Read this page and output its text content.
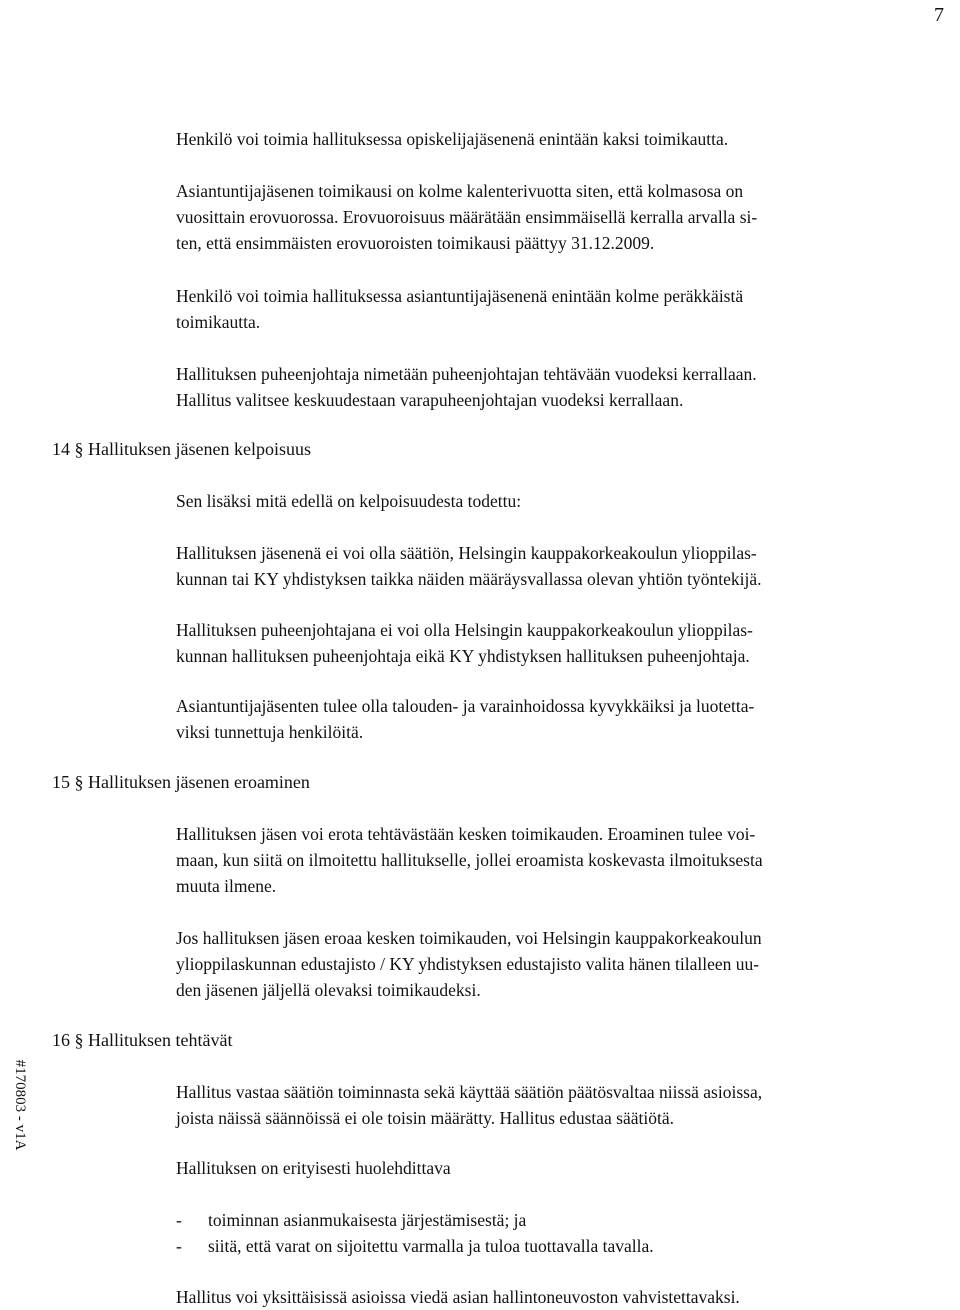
7
#170803 - v1A

Henkilö voi toimia hallituksessa opiskelijajäsenenä enintään kaksi toimikautta.

Asiantuntijajäsenen toimikausi on kolme kalenterivuotta siten, että kolmasosa on
vuosittain erovuorossa. Erovuoroisuus määrätään ensimmäisellä kerralla arvalla si-
ten, että ensimmäisten erovuoroisten toimikausi päättyy 31.12.2009.

Henkilö voi toimia hallituksessa asiantuntijajäsenenä enintään kolme peräkkäistä
toimikautta.

Hallituksen puheenjohtaja nimetään puheenjohtajan tehtävään vuodeksi kerrallaan.
Hallitus valitsee keskuudestaan varapuheenjohtajan vuodeksi kerrallaan.

14 § Hallituksen jäsenen kelpoisuus

Sen lisäksi mitä edellä on kelpoisuudesta todettu:

Hallituksen jäsenenä ei voi olla säätiön, Helsingin kauppakorkeakoulun ylioppilas-
kunnan tai KY yhdistyksen taikka näiden määräysvallassa olevan yhtiön työntekijä.

Hallituksen puheenjohtajana ei voi olla Helsingin kauppakorkeakoulun ylioppilas-
kunnan hallituksen puheenjohtaja eikä KY yhdistyksen hallituksen puheenjohtaja.

Asiantuntijajäsenten tulee olla talouden- ja varainhoidossa kyvykkäiksi ja luotetta-
viksi tunnettuja henkilöitä.

15 § Hallituksen jäsenen eroaminen

Hallituksen jäsen voi erota tehtävästään kesken toimikauden. Eroaminen tulee voi-
maan, kun siitä on ilmoitettu hallitukselle, jollei eroamista koskevasta ilmoituksesta
muuta ilmene.

Jos hallituksen jäsen eroaa kesken toimikauden, voi Helsingin kauppakorkeakoulun
ylioppilaskunnan edustajisto / KY yhdistyksen edustajisto valita hänen tilalleen uu-
den jäsenen jäljellä olevaksi toimikaudeksi.

16 § Hallituksen tehtävät

Hallitus vastaa säätiön toiminnasta sekä käyttää säätiön päätösvaltaa niissä asioissa,
joista näissä säännöissä ei ole toisin määrätty. Hallitus edustaa säätiötä.

Hallituksen on erityisesti huolehdittava

- toiminnan asianmukaisesta järjestämisestä; ja

- siitä, että varat on sijoitettu varmalla ja tuloa tuottavalla tavalla.

Hallitus voi yksittäisissä asioissa viedä asian hallintoneuvoston vahvistettavaksi.
